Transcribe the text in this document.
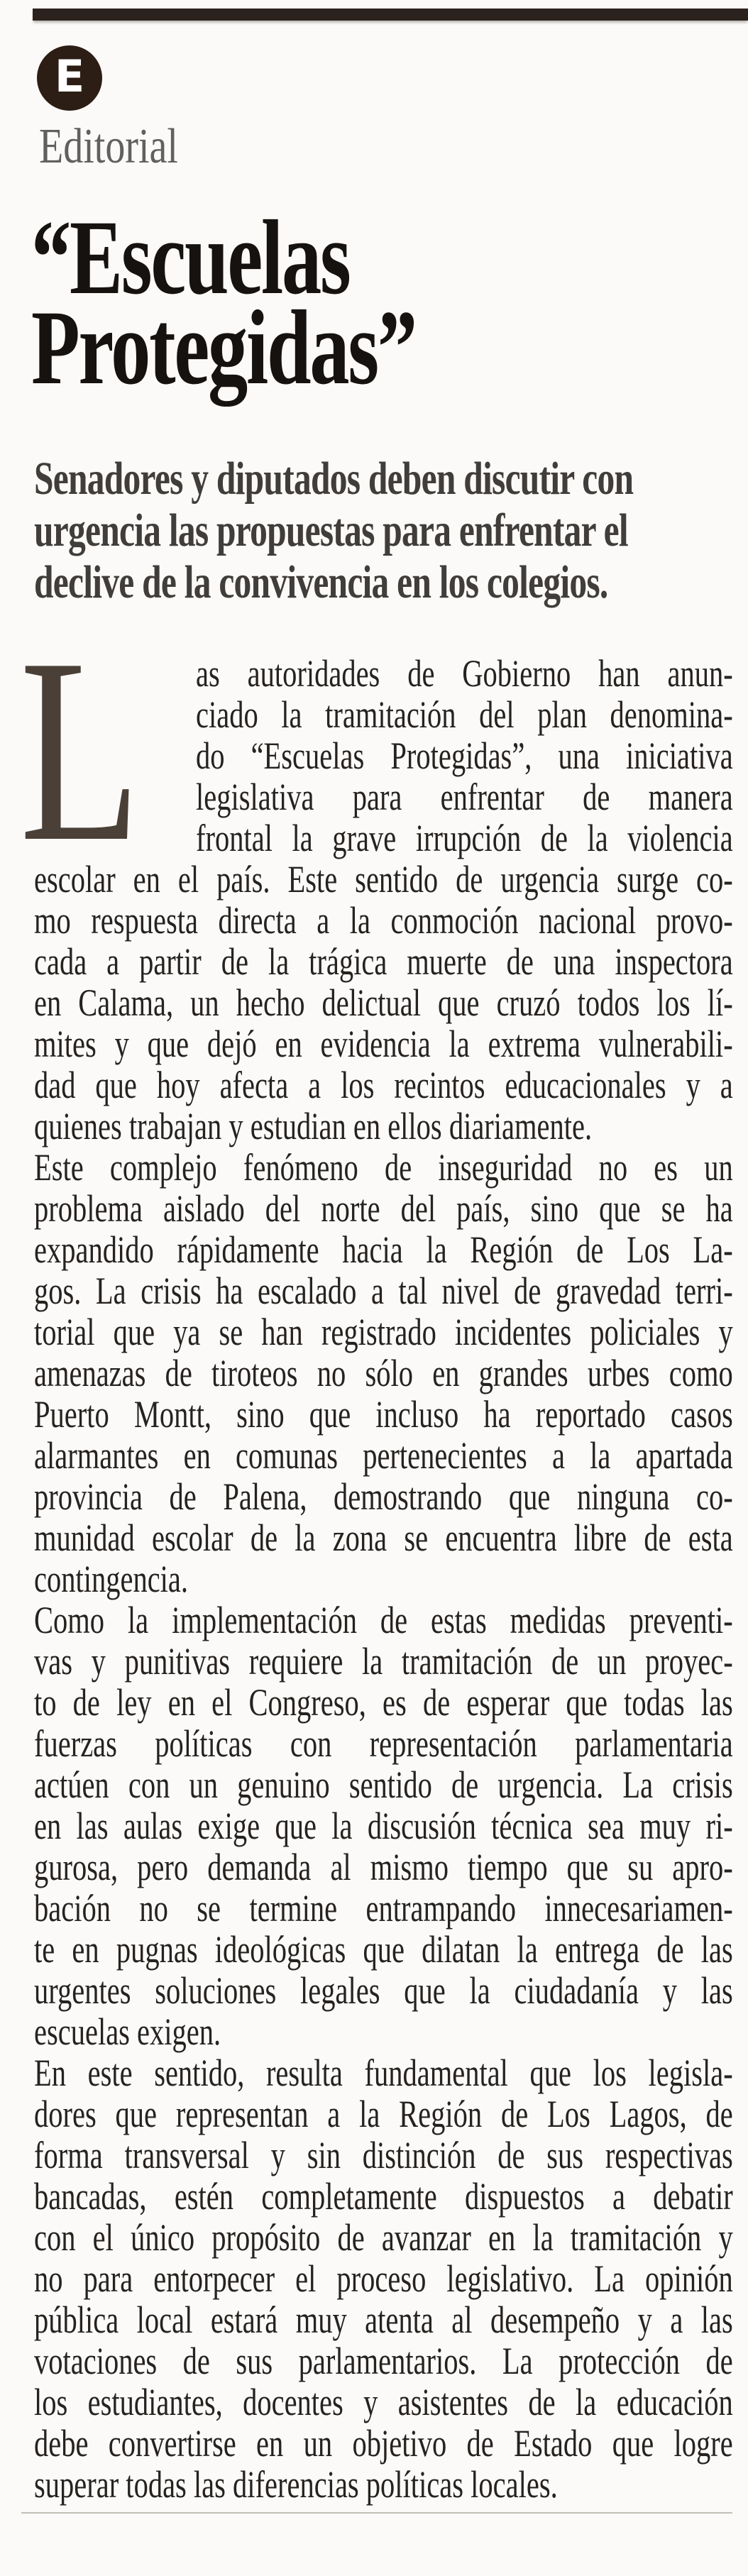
E
Editorial
“Escuelas
Protegidas”
Senadores y diputados deben discutir con
urgencia las propuestas para enfrentar el
declive de la convivencia en los colegios.
L	as autoridades de Gobierno han anun-
ciado la tramitación del plan denomina-
do “Escuelas Protegidas”, una iniciativa
legislativa para enfrentar de manera
frontal la grave irrupción de la violencia
escolar en el país. Este sentido de urgencia surge co-
mo respuesta directa a la conmoción nacional provo-
cada a partir de la trágica muerte de una inspectora
en Calama, un hecho delictual que cruzó todos los lí-
mites y que dejó en evidencia la extrema vulnerabili-
dad que hoy afecta a los recintos educacionales y a
quienes trabajan y estudian en ellos diariamente.
Este complejo fenómeno de inseguridad no es un
problema aislado del norte del país, sino que se ha
expandido rápidamente hacia la Región de Los La-
gos. La crisis ha escalado a tal nivel de gravedad terri-
torial que ya se han registrado incidentes policiales y
amenazas de tiroteos no sólo en grandes urbes como
Puerto Montt, sino que incluso ha reportado casos
alarmantes en comunas pertenecientes a la apartada
provincia de Palena, demostrando que ninguna co-
munidad escolar de la zona se encuentra libre de esta
contingencia.
Como la implementación de estas medidas preventi-
vas y punitivas requiere la tramitación de un proyec-
to de ley en el Congreso, es de esperar que todas las
fuerzas políticas con representación parlamentaria
actúen con un genuino sentido de urgencia. La crisis
en las aulas exige que la discusión técnica sea muy ri-
gurosa, pero demanda al mismo tiempo que su apro-
bación no se termine entrampando innecesariamen-
te en pugnas ideológicas que dilatan la entrega de las
urgentes soluciones legales que la ciudadanía y las
escuelas exigen.
En este sentido, resulta fundamental que los legisla-
dores que representan a la Región de Los Lagos, de
forma transversal y sin distinción de sus respectivas
bancadas, estén completamente dispuestos a debatir
con el único propósito de avanzar en la tramitación y
no para entorpecer el proceso legislativo. La opinión
pública local estará muy atenta al desempeño y a las
votaciones de sus parlamentarios. La protección de
los estudiantes, docentes y asistentes de la educación
debe convertirse en un objetivo de Estado que logre
superar todas las diferencias políticas locales.
